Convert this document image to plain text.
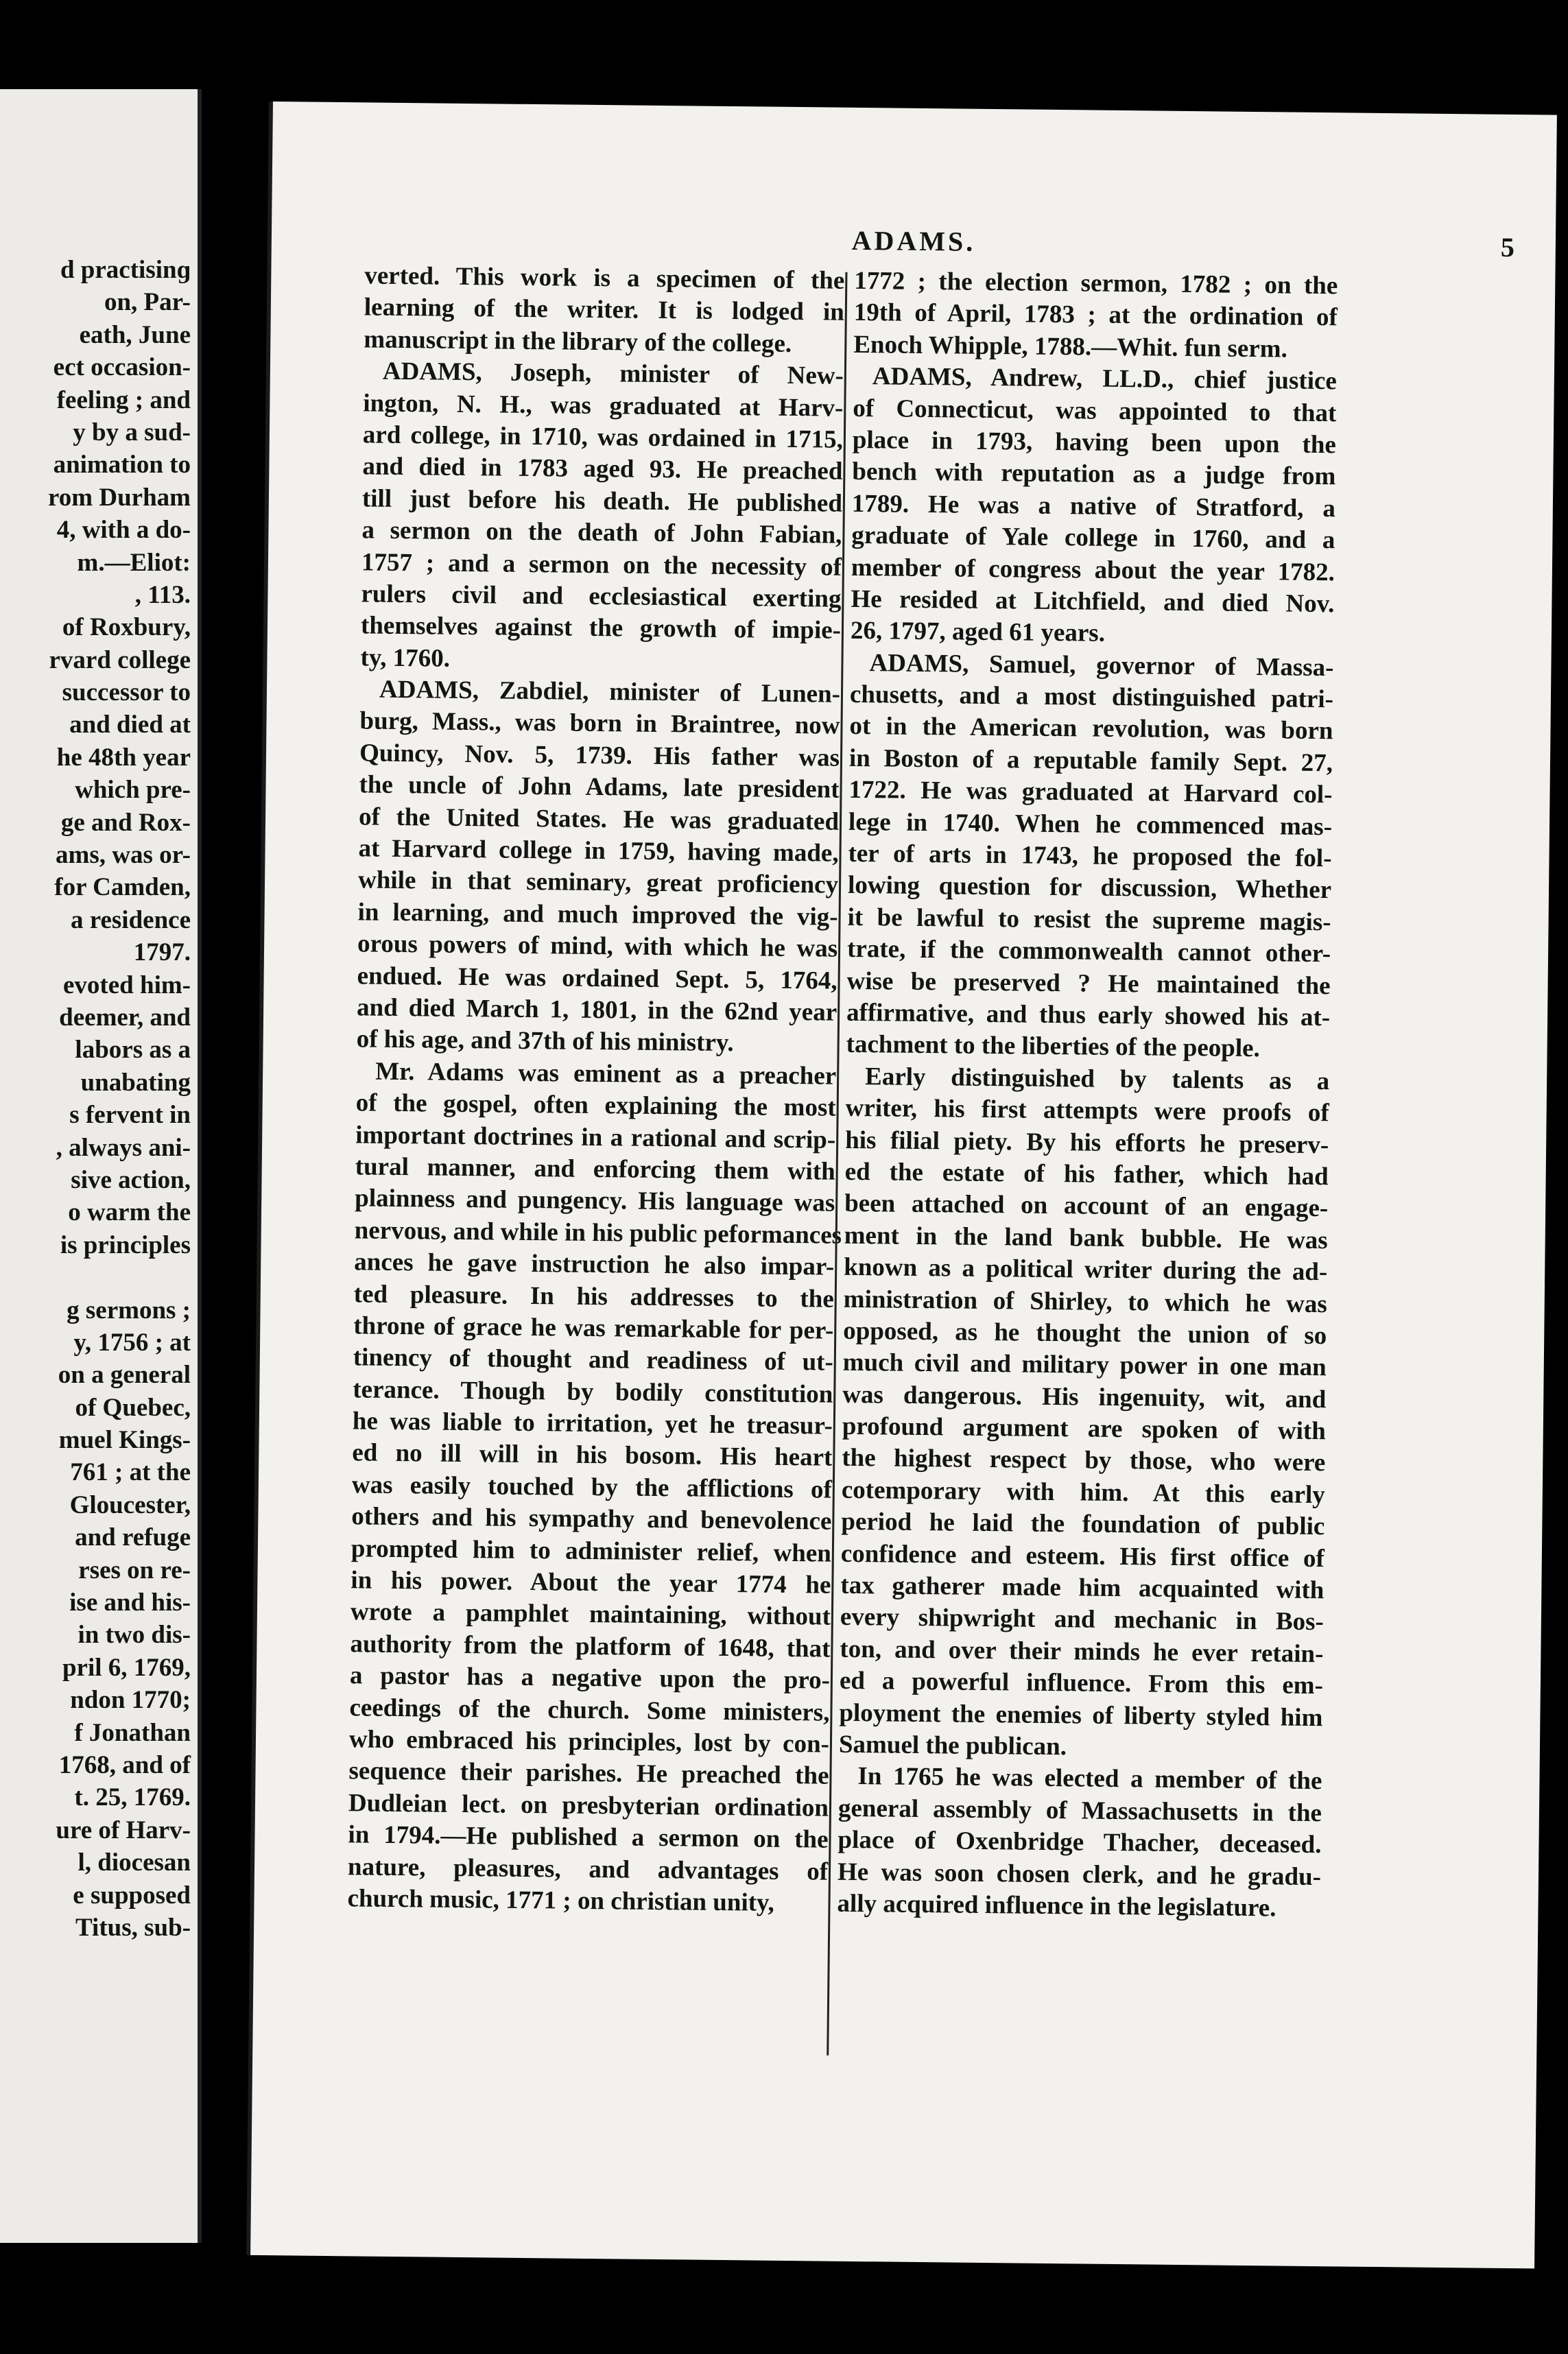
d practisinɡ
on, Par-
eath, June
ect occasion-
feeling ; and
y by a sud-
animation to
rom Durham
4, with a do-
m.—Eliot:
, 113.
of Roxbury,
rvard college
successor to
and died at
he 48th year
which pre-
ge and Rox-
ams, was or-
for Camden,
a residence
1797.
evoted him-
deemer, and
labors as a
unabating
s fervent in
, always ani-
sive action,
o warm the
is principles
g sermons ;
y, 1756 ; at
on a general
of Quebec,
muel Kings-
761 ; at the
Gloucester,
and refuge
rses on re-
ise and his-
in two dis-
pril 6, 1769,
ndon 1770;
f Jonathan
1768, and of
t. 25, 1769.
ure of Harv-
l, diocesan
e supposed
Titus, sub-
ADAMS.	5
verted. This work is a specimen of the
learning of the writer. It is lodged in
manuscript in the library of the college.
ADAMS, Joseph, minister of New-
ington, N. H., was graduated at Harv-
ard college, in 1710, was ordained in 1715,
and died in 1783 aged 93. He preached
till just before his death. He published
a sermon on the death of John Fabian,
1757 ; and a sermon on the necessity of
rulers civil and ecclesiastical exerting
themselves against the growth of impie-
ty, 1760.
ADAMS, Zabdiel, minister of Lunen-
burg, Mass., was born in Braintree, now
Quincy, Nov. 5, 1739. His father was
the uncle of John Adams, late president
of the United States. He was graduated
at Harvard college in 1759, having made,
while in that seminary, great proficiency
in learning, and much improved the vig-
orous powers of mind, with which he was
endued. He was ordained Sept. 5, 1764,
and died March 1, 1801, in the 62nd year
of his age, and 37th of his ministry.
Mr. Adams was eminent as a preacher
of the gospel, often explaining the most
important doctrines in a rational and scrip-
tural manner, and enforcing them with
plainness and pungency. His language was
nervous, and while in his public peformances
ances he gave instruction he also impar-
ted pleasure. In his addresses to the
throne of grace he was remarkable for per-
tinency of thought and readiness of ut-
terance. Though by bodily constitution
he was liable to irritation, yet he treasur-
ed no ill will in his bosom. His heart
was easily touched by the afflictions of
others and his sympathy and benevolence
prompted him to administer relief, when
in his power. About the year 1774 he
wrote a pamphlet maintaining, without
authority from the platform of 1648, that
a pastor has a negative upon the pro-
ceedings of the church. Some ministers,
who embraced his principles, lost by con-
sequence their parishes. He preached the
Dudleian lect. on presbyterian ordination
in 1794.—He published a sermon on the
nature, pleasures, and advantages of
church music, 1771 ; on christian unity,
1772 ; the election sermon, 1782 ; on the
19th of April, 1783 ; at the ordination of
Enoch Whipple, 1788.—Whit. fun serm.
ADAMS, Andrew, LL.D., chief justice
of Connecticut, was appointed to that
place in 1793, having been upon the
bench with reputation as a judge from
1789. He was a native of Stratford, a
graduate of Yale college in 1760, and a
member of congress about the year 1782.
He resided at Litchfield, and died Nov.
26, 1797, aged 61 years.
ADAMS, Samuel, governor of Massa-
chusetts, and a most distinguished patri-
ot in the American revolution, was born
in Boston of a reputable family Sept. 27,
1722. He was graduated at Harvard col-
lege in 1740. When he commenced mas-
ter of arts in 1743, he proposed the fol-
lowing question for discussion, Whether
it be lawful to resist the supreme magis-
trate, if the commonwealth cannot other-
wise be preserved ? He maintained the
affirmative, and thus early showed his at-
tachment to the liberties of the people.
Early distinguished by talents as a
writer, his first attempts were proofs of
his filial piety. By his efforts he preserv-
ed the estate of his father, which had
been attached on account of an engage-
ment in the land bank bubble. He was
known as a political writer during the ad-
ministration of Shirley, to which he was
opposed, as he thought the union of so
much civil and military power in one man
was dangerous. His ingenuity, wit, and
profound argument are spoken of with
the highest respect by those, who were
cotemporary with him. At this early
period he laid the foundation of public
confidence and esteem. His first office of
tax gatherer made him acquainted with
every shipwright and mechanic in Bos-
ton, and over their minds he ever retain-
ed a powerful influence. From this em-
ployment the enemies of liberty styled him
Samuel the publican.
In 1765 he was elected a member of the
general assembly of Massachusetts in the
place of Oxenbridge Thacher, deceased.
He was soon chosen clerk, and he gradu-
ally acquired influence in the legislature.
